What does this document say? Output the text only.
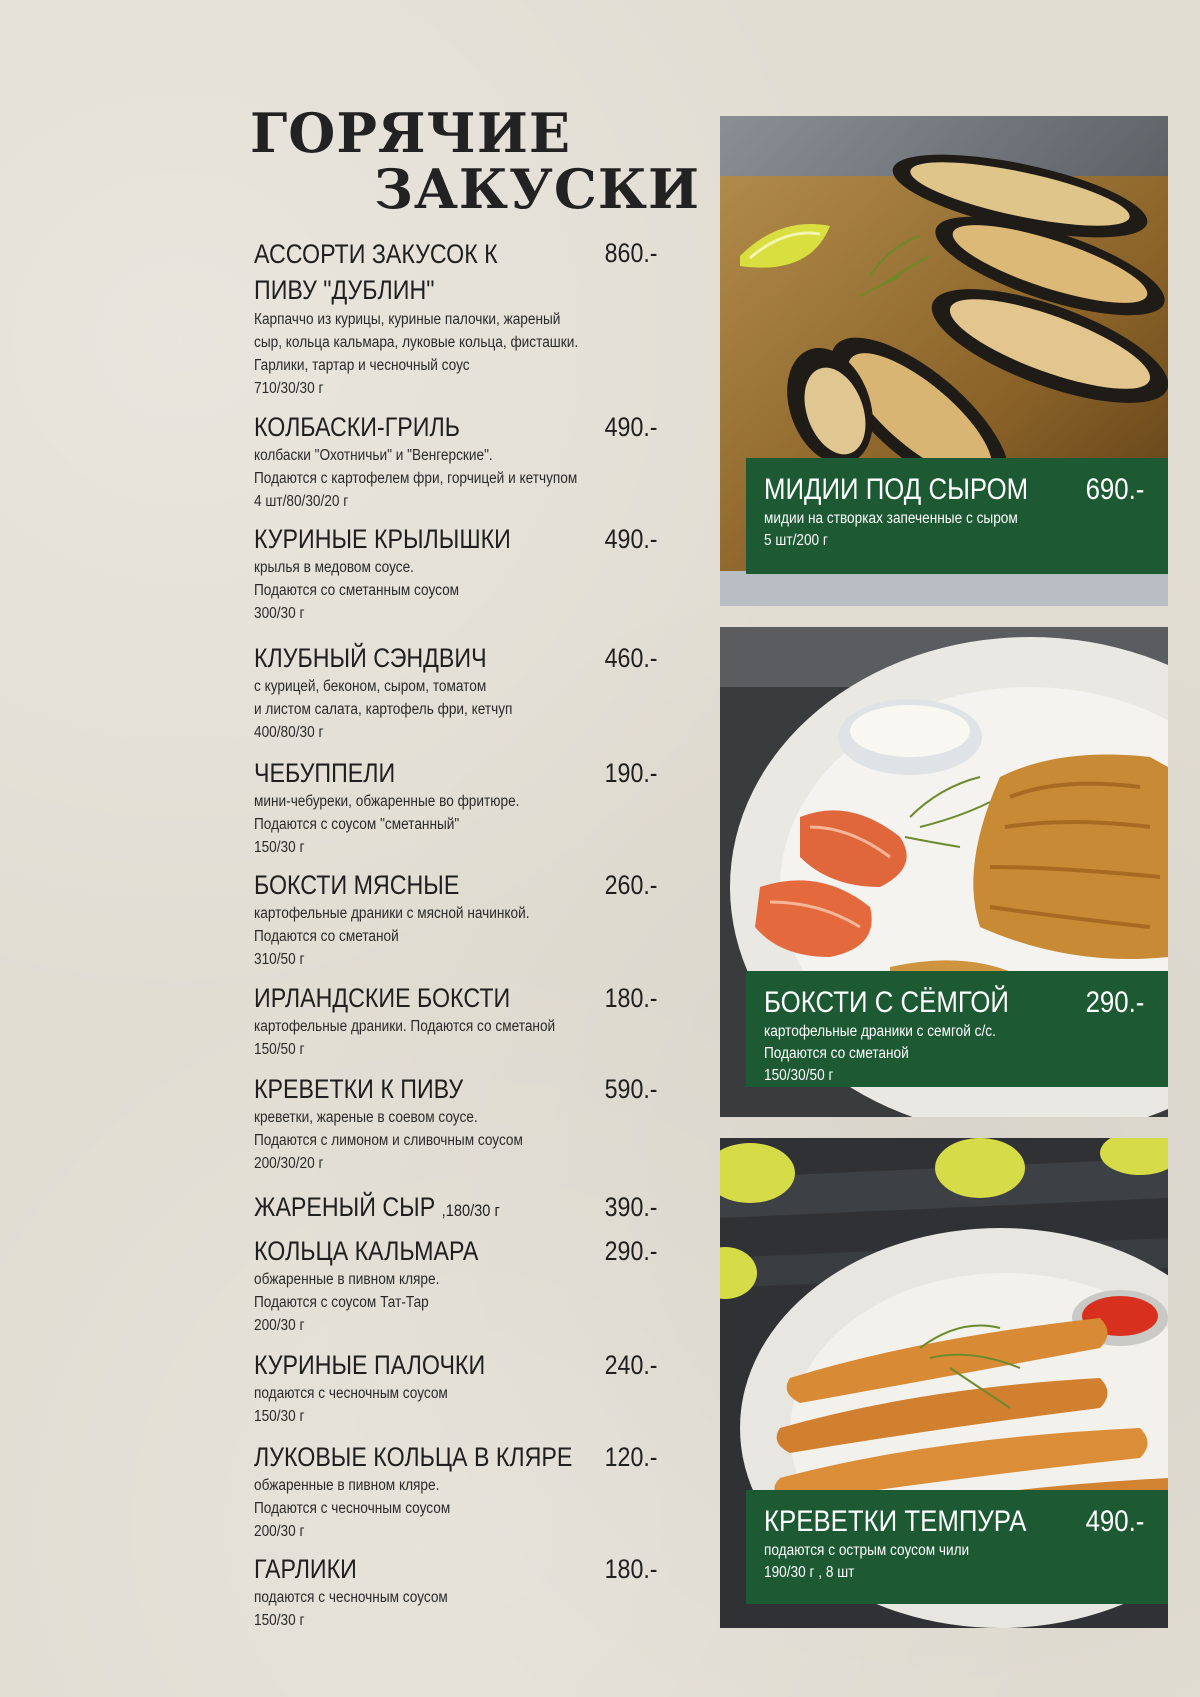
ГОРЯЧИЕ
ЗАКУСКИ
АССОРТИ ЗАКУСОК К ПИВУ "ДУБЛИН"
860.-
Карпаччо из курицы, куриные палочки, жареный
сыр, кольца кальмара, луковые кольца, фисташки.
Гарлики, тартар и чесночный соус
710/30/30 г
КОЛБАСКИ-ГРИЛЬ	490.-
колбаски "Охотничьи" и "Венгерские".
Подаются с картофелем фри, горчицей и кетчупом
4 шт/80/30/20 г
КУРИНЫЕ КРЫЛЫШКИ	490.-
крылья в медовом соусе.
Подаются со сметанным соусом
300/30 г
КЛУБНЫЙ СЭНДВИЧ	460.-
с курицей, беконом, сыром, томатом
и листом салата, картофель фри, кетчуп
400/80/30 г
ЧЕБУППЕЛИ	190.-
мини-чебуреки, обжаренные во фритюре.
Подаются с соусом "сметанный"
150/30 г
БОКСТИ МЯСНЫЕ	260.-
картофельные драники с мясной начинкой.
Подаются со сметаной
310/50 г
ИРЛАНДСКИЕ БОКСТИ	180.-
картофельные драники. Подаются со сметаной
150/50 г
КРЕВЕТКИ К ПИВУ	590.-
креветки, жареные в соевом соусе.
Подаются с лимоном и сливочным соусом
200/30/20 г
ЖАРЕНЫЙ СЫР ,180/30 г	390.-
КОЛЬЦА КАЛЬМАРА	290.-
обжаренные в пивном кляре.
Подаются с соусом Тат-Тар
200/30 г
КУРИНЫЕ ПАЛОЧКИ	240.-
подаются с чесночным соусом
150/30 г
ЛУКОВЫЕ КОЛЬЦА В КЛЯРЕ 120.-
обжаренные в пивном кляре.
Подаются с чесночным соусом
200/30 г
ГАРЛИКИ	180.-
подаются с чесночным соусом
150/30 г
МИДИИ ПОД СЫРОМ 690.-
мидии на створках запеченные с сыром
5 шт/200 г
БОКСТИ С СЁМГОЙ	290.-
картофельные драники с семгой с/с.
Подаются со сметаной
150/30/50 г
КРЕВЕТКИ ТЕМПУРА 490.-
подаются с острым соусом чили
190/30 г , 8 шт
